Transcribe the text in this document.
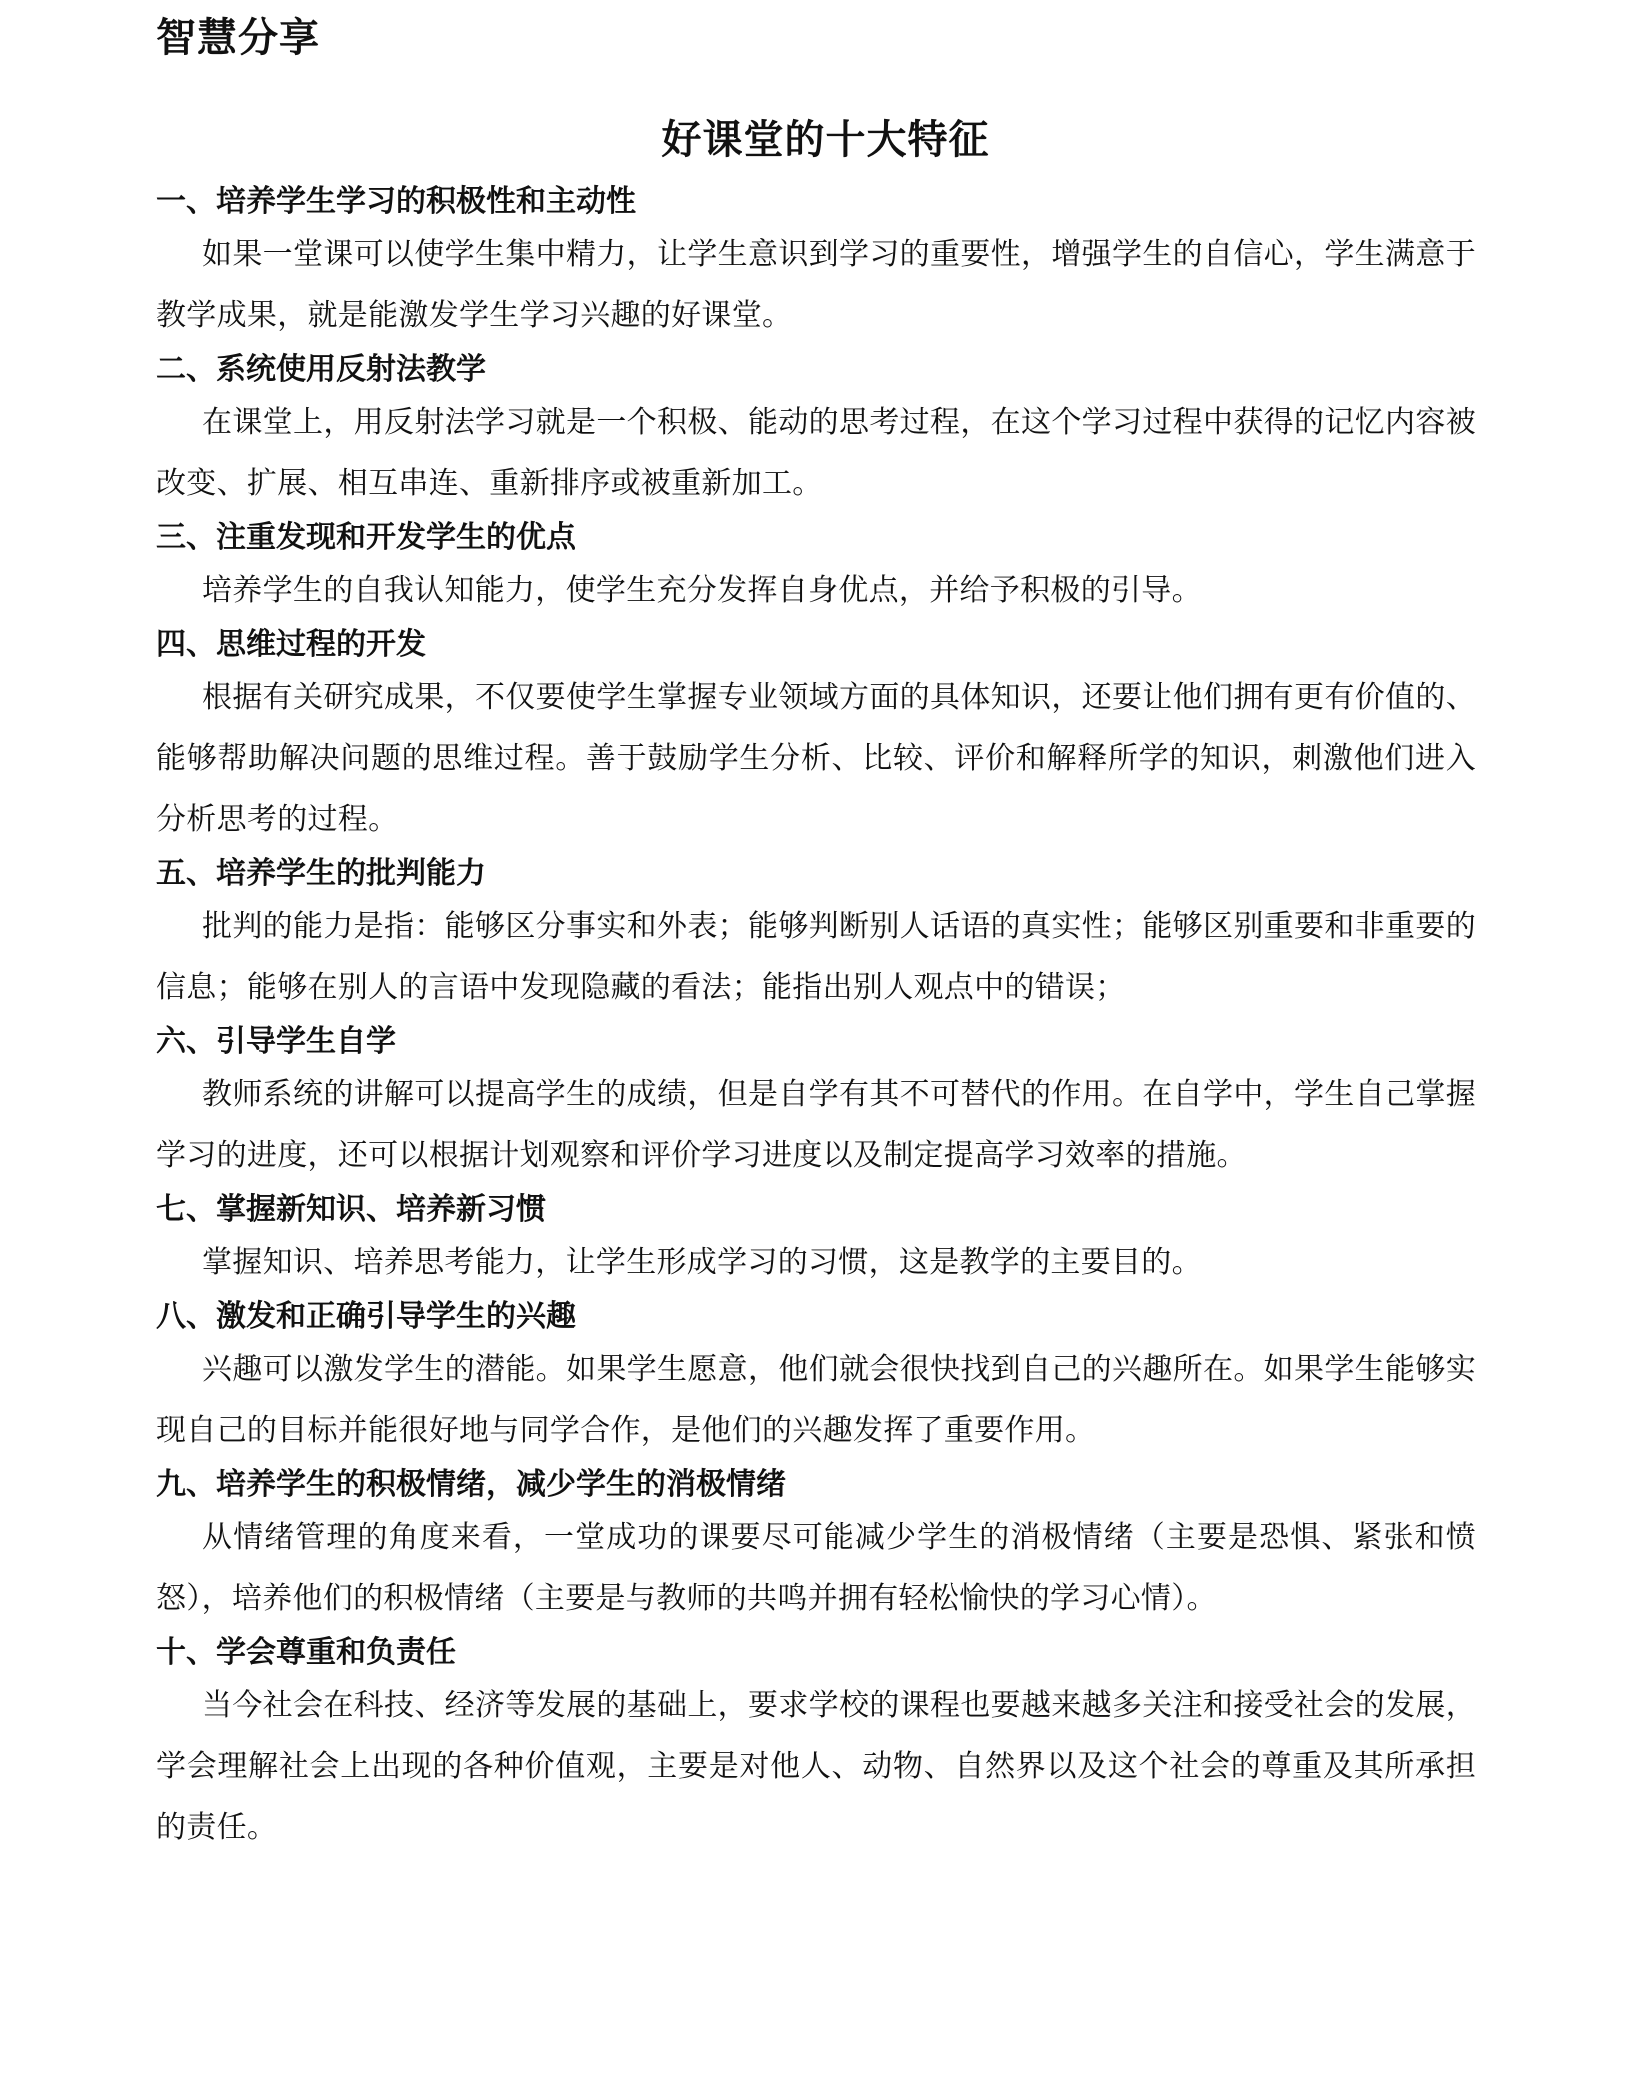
智慧分享
好课堂的十大特征

一、培养学生学习的积极性和主动性

如果一堂课可以使学生集中精力，让学生意识到学习的重要性，增强学生的自信心，学生满意于教学成果，就是能激发学生学习兴趣的好课堂。

二、系统使用反射法教学

在课堂上，用反射法学习就是一个积极、能动的思考过程，在这个学习过程中获得的记忆内容被改变、扩展、相互串连、重新排序或被重新加工。

三、注重发现和开发学生的优点

培养学生的自我认知能力，使学生充分发挥自身优点，并给予积极的引导。

四、思维过程的开发

根据有关研究成果，不仅要使学生掌握专业领域方面的具体知识，还要让他们拥有更有价值的、能够帮助解决问题的思维过程。善于鼓励学生分析、比较、评价和解释所学的知识，刺激他们进入分析思考的过程。

五、培养学生的批判能力

批判的能力是指：能够区分事实和外表；能够判断别人话语的真实性；能够区别重要和非重要的信息；能够在别人的言语中发现隐藏的看法；能指出别人观点中的错误；

六、引导学生自学

教师系统的讲解可以提高学生的成绩，但是自学有其不可替代的作用。在自学中，学生自己掌握学习的进度，还可以根据计划观察和评价学习进度以及制定提高学习效率的措施。

七、掌握新知识、培养新习惯

掌握知识、培养思考能力，让学生形成学习的习惯，这是教学的主要目的。

八、激发和正确引导学生的兴趣

兴趣可以激发学生的潜能。如果学生愿意，他们就会很快找到自己的兴趣所在。如果学生能够实现自己的目标并能很好地与同学合作，是他们的兴趣发挥了重要作用。

九、培养学生的积极情绪，减少学生的消极情绪

从情绪管理的角度来看，一堂成功的课要尽可能减少学生的消极情绪（主要是恐惧、紧张和愤怒），培养他们的积极情绪（主要是与教师的共鸣并拥有轻松愉快的学习心情）。

十、学会尊重和负责任

当今社会在科技、经济等发展的基础上，要求学校的课程也要越来越多关注和接受社会的发展，学会理解社会上出现的各种价值观，主要是对他人、动物、自然界以及这个社会的尊重及其所承担的责任。
